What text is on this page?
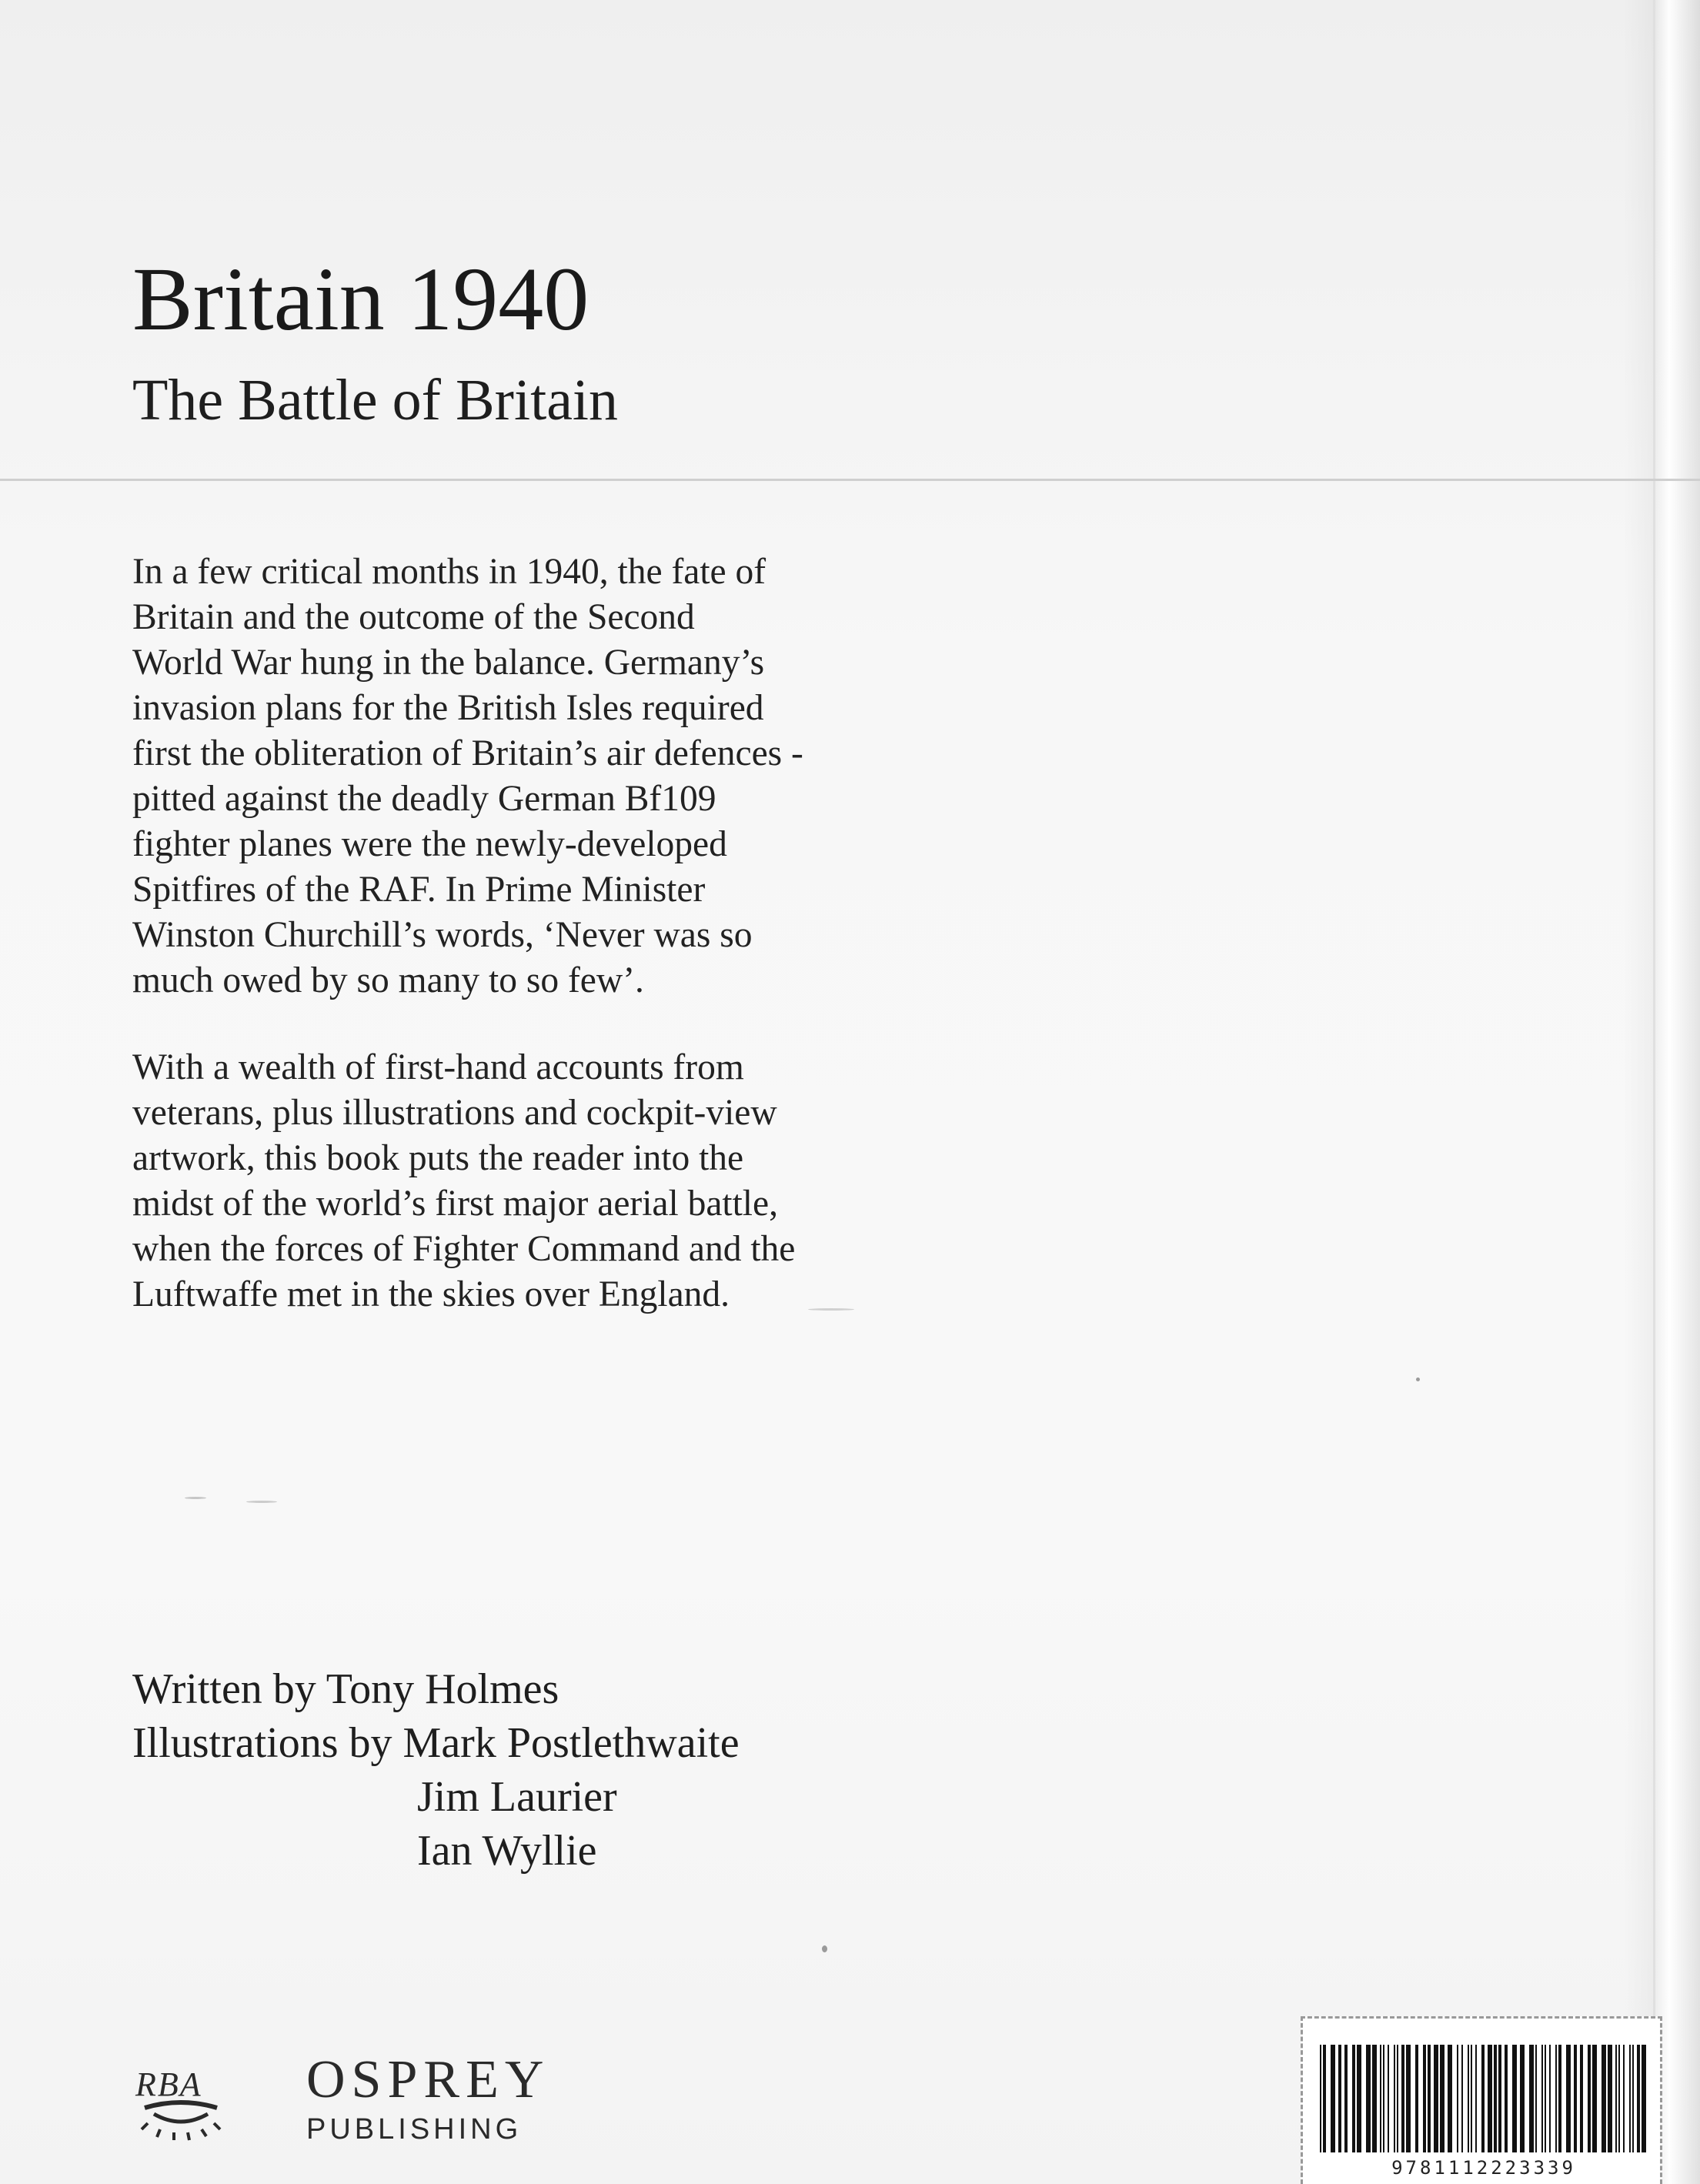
Britain 1940
The Battle of Britain
In a few critical months in 1940, the fate of
Britain and the outcome of the Second
World War hung in the balance. Germany’s
invasion plans for the British Isles required
first the obliteration of Britain’s air defences -
pitted against the deadly German Bf109
fighter planes were the newly-developed
Spitfires of the RAF. In Prime Minister
Winston Churchill’s words, ‘Never was so
much owed by so many to so few’.
With a wealth of first-hand accounts from
veterans, plus illustrations and cockpit-view
artwork, this book puts the reader into the
midst of the world’s first major aerial battle,
when the forces of Fighter Command and the
Luftwaffe met in the skies over England.
Written by Tony Holmes
Illustrations by Mark Postlethwaite
Jim Laurier
Ian Wyllie
RBA OSPREY
PUBLISHING
9781112223339
